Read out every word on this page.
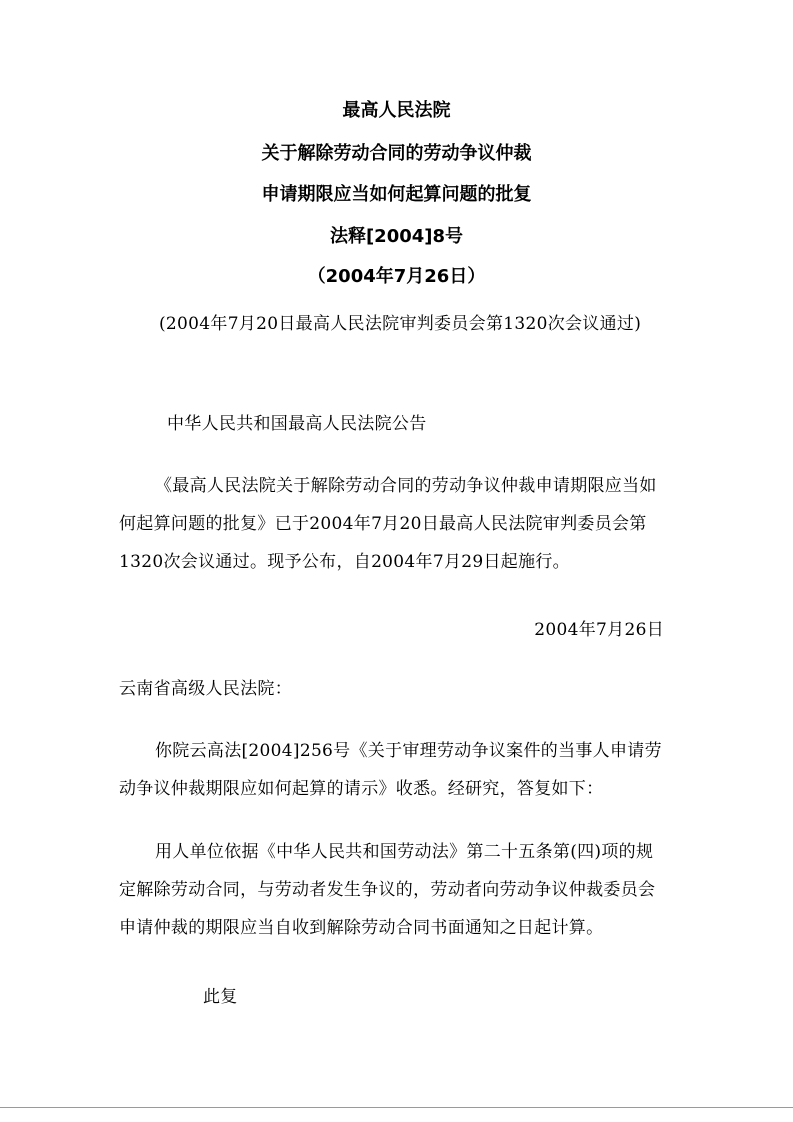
最高人民法院
关于解除劳动合同的劳动争议仲裁
申请期限应当如何起算问题的批复
法释[2004]8号
（2004年7月26日）
(2004年7月20日最高人民法院审判委员会第1320次会议通过)
中华人民共和国最高人民法院公告
《最高人民法院关于解除劳动合同的劳动争议仲裁申请期限应当如何起算问题的批复》已于2004年7月20日最高人民法院审判委员会第1320次会议通过。现予公布，自2004年7月29日起施行。
2004年7月26日
云南省高级人民法院：
你院云高法[2004]256号《关于审理劳动争议案件的当事人申请劳动争议仲裁期限应如何起算的请示》收悉。经研究，答复如下：
用人单位依据《中华人民共和国劳动法》第二十五条第(四)项的规定解除劳动合同，与劳动者发生争议的，劳动者向劳动争议仲裁委员会申请仲裁的期限应当自收到解除劳动合同书面通知之日起计算。
此复
